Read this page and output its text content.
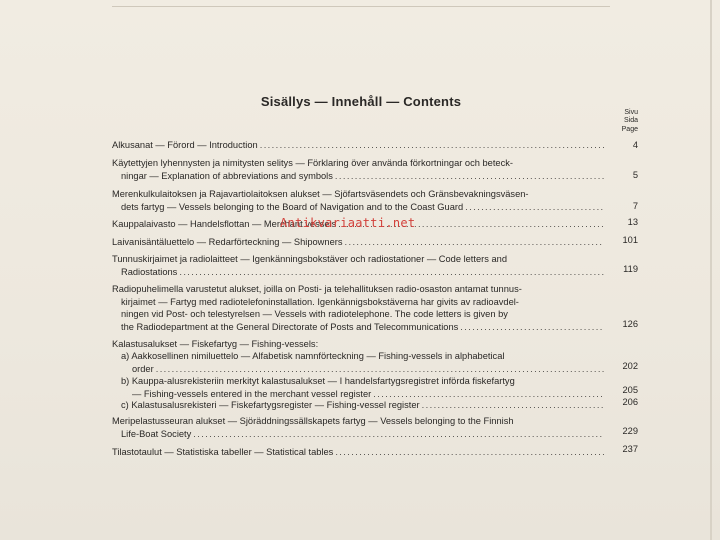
Sisällys — Innehåll — Contents
Sivu
Sida
Page
Alkusanat — Förord — Introduction .....	4
Käytettyjen lyhennysten ja nimitysten selitys — Förklaring över använda förkortningar och beteck-
ningar — Explanation of abbreviations and symbols .....	5
Merenkulkulaitoksen ja Rajavartiolaitoksen alukset — Sjöfartsväsendets och Gränsbevakningsväsen-
dets fartyg — Vessels belonging to the Board of Navigation and to the Coast Guard .....	7
Kauppalaivasto — Handelsflottan — Merchant vessels .....	13
Laivanisäntäluettelo — Redarförteckning — Shipowners .....	101
Tunnuskirjaimet ja radiolaitteet — Igenkänningsbokstäver och radiostationer — Code letters and
Radiostations .....	119
Radiopuhelimella varustetut alukset, joilla on Posti- ja telehallituksen radio-osaston antamat tunnus-
kirjaimet — Fartyg med radiotelefoninstallation. Igenkännigsbokstäverna har givits av radioavdel-
ningen vid Post- och telestyrelsen — Vessels with radiotelephone. The code letters is given by
the Radiodepartment at the General Directorate of Posts and Telecommunications .....	126
Kalastusalukset — Fiskefartyg — Fishing-vessels:
a) Aakkosellinen nimiluettelo — Alfabetisk namnförteckning — Fishing-vessels in alphabetical
order .....	202
b) Kauppa-alusrekisteriin merkityt kalastusalukset — I handelsfartygsregistret införda fiskefartyg
— Fishing-vessels entered in the merchant vessel register .....	205
c) Kalastusalusrekisteri — Fiskefartygsregister — Fishing-vessel register .....	206
Meripelastusseuran alukset — Sjöräddningssällskapets fartyg — Vessels belonging to the Finnish
Life-Boat Society .....	229
Tilastotaulut — Statistiska tabeller — Statistical tables .....	237
Antikvariaatti.net
